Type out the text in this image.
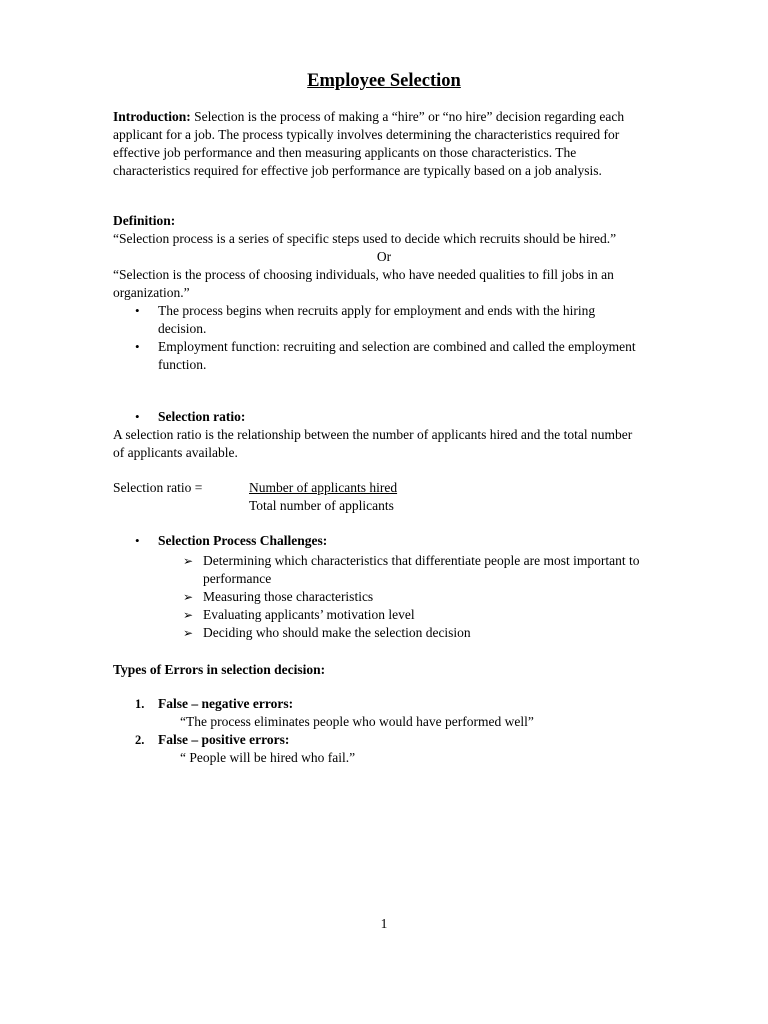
Employee Selection
Introduction: Selection is the process of making a “hire” or “no hire” decision regarding each applicant for a job. The process typically involves determining the characteristics required for effective job performance and then measuring applicants on those characteristics. The characteristics required for effective job performance are typically based on a job analysis.
Definition:
“Selection process is a series of specific steps used to decide which recruits should be hired.”
Or
“Selection is the process of choosing individuals, who have needed qualities to fill jobs in an organization.”
• The process begins when recruits apply for employment and ends with the hiring decision.
• Employment function: recruiting and selection are combined and called the employment function.
• Selection ratio:
A selection ratio is the relationship between the number of applicants hired and the total number of applicants available.
Selection ratio =	Number of applicants hired
Total number of applicants
• Selection Process Challenges:
➢ Determining which characteristics that differentiate people are most important to performance
➢ Measuring those characteristics
➢ Evaluating applicants’ motivation level
➢ Deciding who should make the selection decision
Types of Errors in selection decision:
1. False – negative errors:
“The process eliminates people who would have performed well”
2. False – positive errors:
“ People will be hired who fail.”
1
